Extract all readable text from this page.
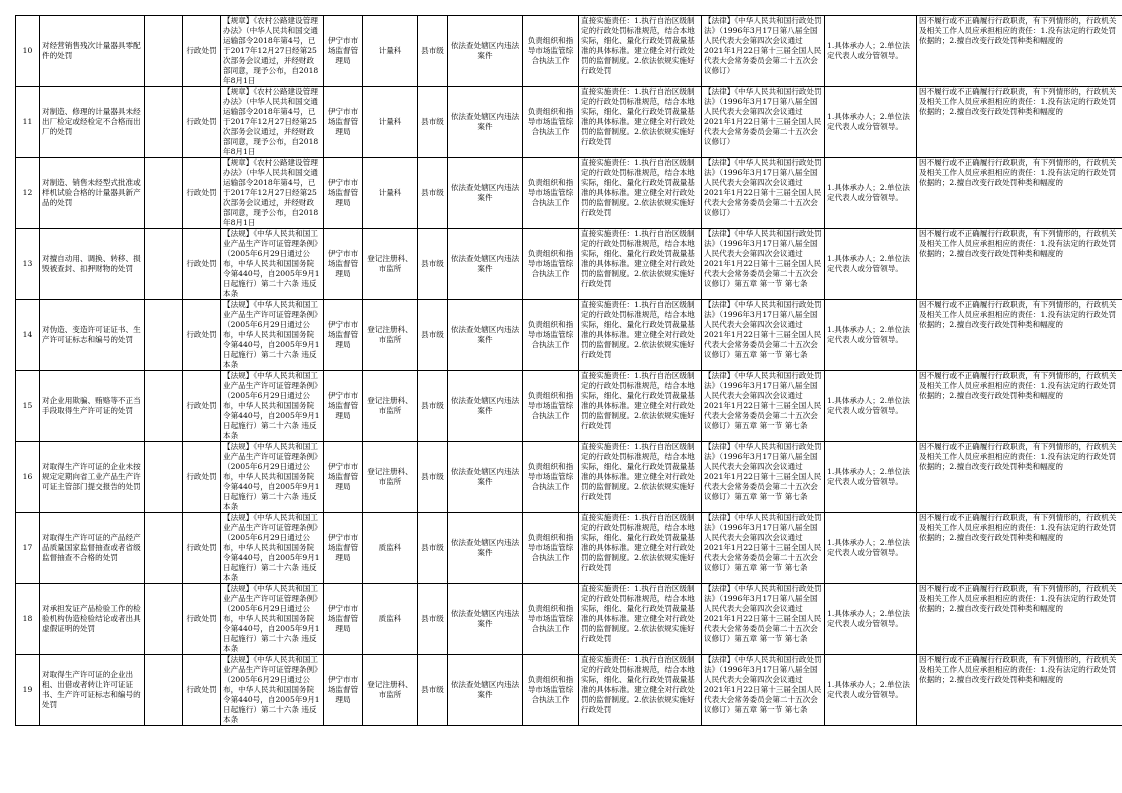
10	对经营销售残次计量器具零配件的处罚		行政处罚	【规章】《农村公路建设管理办法》（中华人民共和国交通运输部令2018年第4号，已于2017年12月27日经第25次部务会议通过，并经财政部同意，现予公布，自2018年8月1日	伊宁市市场监督管理局	计量科	县市级	依法查处辖区内违法案件	负责组织和指导市场监管综合执法工作	直接实施责任：1.执行自治区级制定的行政处罚标准规范，结合本地实际，细化、量化行政处罚裁量基准的具体标准。建立健全对行政处罚的监督制度。2.依法依规实施好行政处罚	【法律】《中华人民共和国行政处罚法》（1996年3月17日第八届全国人民代表大会第四次会议通过 2021年1月22日第十三届全国人民代表大会常务委员会第二十五次会议修订）	1.具体承办人；2.单位法定代表人或分管领导。	因不履行或不正确履行行政职责，有下列情形的，行政机关及相关工作人员应承担相应的责任：1.没有法定的行政处罚依据的；2.擅自改变行政处罚种类和幅度的

11	对制造、修理的计量器具未经出厂检定或经检定不合格而出厂的处罚		行政处罚	【规章】《农村公路建设管理办法》（中华人民共和国交通运输部令2018年第4号，已于2017年12月27日经第25次部务会议通过，并经财政部同意，现予公布，自2018年8月1日	伊宁市市场监督管理局	计量科	县市级	依法查处辖区内违法案件	负责组织和指导市场监管综合执法工作	直接实施责任：1.执行自治区级制定的行政处罚标准规范，结合本地实际，细化、量化行政处罚裁量基准的具体标准。建立健全对行政处罚的监督制度。2.依法依规实施好行政处罚	【法律】《中华人民共和国行政处罚法》（1996年3月17日第八届全国人民代表大会第四次会议通过 2021年1月22日第十三届全国人民代表大会常务委员会第二十五次会议修订）	1.具体承办人；2.单位法定代表人或分管领导。	因不履行或不正确履行行政职责，有下列情形的，行政机关及相关工作人员应承担相应的责任：1.没有法定的行政处罚依据的；2.擅自改变行政处罚种类和幅度的

12	对制造、销售未经型式批准或样机试验合格的计量器具新产品的处罚		行政处罚	【规章】《农村公路建设管理办法》（中华人民共和国交通运输部令2018年第4号，已于2017年12月27日经第25次部务会议通过，并经财政部同意，现予公布，自2018年8月1日	伊宁市市场监督管理局	计量科	县市级	依法查处辖区内违法案件	负责组织和指导市场监管综合执法工作	直接实施责任：1.执行自治区级制定的行政处罚标准规范，结合本地实际，细化、量化行政处罚裁量基准的具体标准。建立健全对行政处罚的监督制度。2.依法依规实施好行政处罚	【法律】《中华人民共和国行政处罚法》（1996年3月17日第八届全国人民代表大会第四次会议通过 2021年1月22日第十三届全国人民代表大会常务委员会第二十五次会议修订）	1.具体承办人；2.单位法定代表人或分管领导。	因不履行或不正确履行行政职责，有下列情形的，行政机关及相关工作人员应承担相应的责任：1.没有法定的行政处罚依据的；2.擅自改变行政处罚种类和幅度的

13	对擅自动用、调换、转移、损毁被查封、扣押财物的处罚		行政处罚	【法规】《中华人民共和国工业产品生产许可证管理条例》（2005年6月29日通过公布，中华人民共和国国务院令第440号，自2005年9月1日起施行）第二十六条 违反本条	伊宁市市场监督管理局	登记注册科、市监所	县市级	依法查处辖区内违法案件	负责组织和指导市场监管综合执法工作	直接实施责任：1.执行自治区级制定的行政处罚标准规范，结合本地实际，细化、量化行政处罚裁量基准的具体标准。建立健全对行政处罚的监督制度。2.依法依规实施好行政处罚	【法律】《中华人民共和国行政处罚法》（1996年3月17日第八届全国人民代表大会第四次会议通过 2021年1月22日第十三届全国人民代表大会常务委员会第二十五次会议修订）第五章 第一节 第七条	1.具体承办人；2.单位法定代表人或分管领导。	因不履行或不正确履行行政职责，有下列情形的，行政机关及相关工作人员应承担相应的责任：1.没有法定的行政处罚依据的；2.擅自改变行政处罚种类和幅度的

14	对伪造、变造许可证证书、生产许可证标志和编号的处罚		行政处罚	【法规】《中华人民共和国工业产品生产许可证管理条例》（2005年6月29日通过公布，中华人民共和国国务院令第440号，自2005年9月1日起施行）第二十六条 违反本条	伊宁市市场监督管理局	登记注册科、市监所	县市级	依法查处辖区内违法案件	负责组织和指导市场监管综合执法工作	直接实施责任：1.执行自治区级制定的行政处罚标准规范，结合本地实际，细化、量化行政处罚裁量基准的具体标准。建立健全对行政处罚的监督制度。2.依法依规实施好行政处罚	【法律】《中华人民共和国行政处罚法》（1996年3月17日第八届全国人民代表大会第四次会议通过 2021年1月22日第十三届全国人民代表大会常务委员会第二十五次会议修订）第五章 第一节 第七条	1.具体承办人；2.单位法定代表人或分管领导。	因不履行或不正确履行行政职责，有下列情形的，行政机关及相关工作人员应承担相应的责任：1.没有法定的行政处罚依据的；2.擅自改变行政处罚种类和幅度的

15	对企业用欺骗、贿赂等不正当手段取得生产许可证的处罚		行政处罚	【法规】《中华人民共和国工业产品生产许可证管理条例》（2005年6月29日通过公布，中华人民共和国国务院令第440号，自2005年9月1日起施行）第二十六条 违反本条	伊宁市市场监督管理局	登记注册科、市监所	县市级	依法查处辖区内违法案件	负责组织和指导市场监管综合执法工作	直接实施责任：1.执行自治区级制定的行政处罚标准规范，结合本地实际，细化、量化行政处罚裁量基准的具体标准。建立健全对行政处罚的监督制度。2.依法依规实施好行政处罚	【法律】《中华人民共和国行政处罚法》（1996年3月17日第八届全国人民代表大会第四次会议通过 2021年1月22日第十三届全国人民代表大会常务委员会第二十五次会议修订）第五章 第一节 第七条	1.具体承办人；2.单位法定代表人或分管领导。	因不履行或不正确履行行政职责，有下列情形的，行政机关及相关工作人员应承担相应的责任：1.没有法定的行政处罚依据的；2.擅自改变行政处罚种类和幅度的

16	对取得生产许可证的企业未按规定定期向省工业产品生产许可证主管部门提交报告的处罚		行政处罚	【法规】《中华人民共和国工业产品生产许可证管理条例》（2005年6月29日通过公布，中华人民共和国国务院令第440号，自2005年9月1日起施行）第二十六条 违反本条	伊宁市市场监督管理局	登记注册科、市监所	县市级	依法查处辖区内违法案件	负责组织和指导市场监管综合执法工作	直接实施责任：1.执行自治区级制定的行政处罚标准规范，结合本地实际，细化、量化行政处罚裁量基准的具体标准。建立健全对行政处罚的监督制度。2.依法依规实施好行政处罚	【法律】《中华人民共和国行政处罚法》（1996年3月17日第八届全国人民代表大会第四次会议通过 2021年1月22日第十三届全国人民代表大会常务委员会第二十五次会议修订）第五章 第一节 第七条	1.具体承办人；2.单位法定代表人或分管领导。	因不履行或不正确履行行政职责，有下列情形的，行政机关及相关工作人员应承担相应的责任：1.没有法定的行政处罚依据的；2.擅自改变行政处罚种类和幅度的

17	对取得生产许可证的产品经产品质量国家监督抽查或者省级监督抽查不合格的处罚		行政处罚	【法规】《中华人民共和国工业产品生产许可证管理条例》（2005年6月29日通过公布，中华人民共和国国务院令第440号，自2005年9月1日起施行）第二十六条 违反本条	伊宁市市场监督管理局	质监科	县市级	依法查处辖区内违法案件	负责组织和指导市场监管综合执法工作	直接实施责任：1.执行自治区级制定的行政处罚标准规范，结合本地实际，细化、量化行政处罚裁量基准的具体标准。建立健全对行政处罚的监督制度。2.依法依规实施好行政处罚	【法律】《中华人民共和国行政处罚法》（1996年3月17日第八届全国人民代表大会第四次会议通过 2021年1月22日第十三届全国人民代表大会常务委员会第二十五次会议修订）第五章 第一节 第七条	1.具体承办人；2.单位法定代表人或分管领导。	因不履行或不正确履行行政职责，有下列情形的，行政机关及相关工作人员应承担相应的责任：1.没有法定的行政处罚依据的；2.擅自改变行政处罚种类和幅度的

18	对承担发证产品检验工作的检验机构伪造检验结论或者出具虚假证明的处罚		行政处罚	【法规】《中华人民共和国工业产品生产许可证管理条例》（2005年6月29日通过公布，中华人民共和国国务院令第440号，自2005年9月1日起施行）第二十六条 违反本条	伊宁市市场监督管理局	质监科	县市级	依法查处辖区内违法案件	负责组织和指导市场监管综合执法工作	直接实施责任：1.执行自治区级制定的行政处罚标准规范，结合本地实际，细化、量化行政处罚裁量基准的具体标准。建立健全对行政处罚的监督制度。2.依法依规实施好行政处罚	【法律】《中华人民共和国行政处罚法》（1996年3月17日第八届全国人民代表大会第四次会议通过 2021年1月22日第十三届全国人民代表大会常务委员会第二十五次会议修订）第五章 第一节 第七条	1.具体承办人；2.单位法定代表人或分管领导。	因不履行或不正确履行行政职责，有下列情形的，行政机关及相关工作人员应承担相应的责任：1.没有法定的行政处罚依据的；2.擅自改变行政处罚种类和幅度的

19	对取得生产许可证的企业出租、出借或者转让许可证证书、生产许可证标志和编号的处罚		行政处罚	【法规】《中华人民共和国工业产品生产许可证管理条例》（2005年6月29日通过公布，中华人民共和国国务院令第440号，自2005年9月1日起施行）第二十六条 违反本条	伊宁市市场监督管理局	登记注册科、市监所	县市级	依法查处辖区内违法案件	负责组织和指导市场监管综合执法工作	直接实施责任：1.执行自治区级制定的行政处罚标准规范，结合本地实际，细化、量化行政处罚裁量基准的具体标准。建立健全对行政处罚的监督制度。2.依法依规实施好行政处罚	【法律】《中华人民共和国行政处罚法》（1996年3月17日第八届全国人民代表大会第四次会议通过 2021年1月22日第十三届全国人民代表大会常务委员会第二十五次会议修订）第五章 第一节 第七条	1.具体承办人；2.单位法定代表人或分管领导。	因不履行或不正确履行行政职责，有下列情形的，行政机关及相关工作人员应承担相应的责任：1.没有法定的行政处罚依据的；2.擅自改变行政处罚种类和幅度的
